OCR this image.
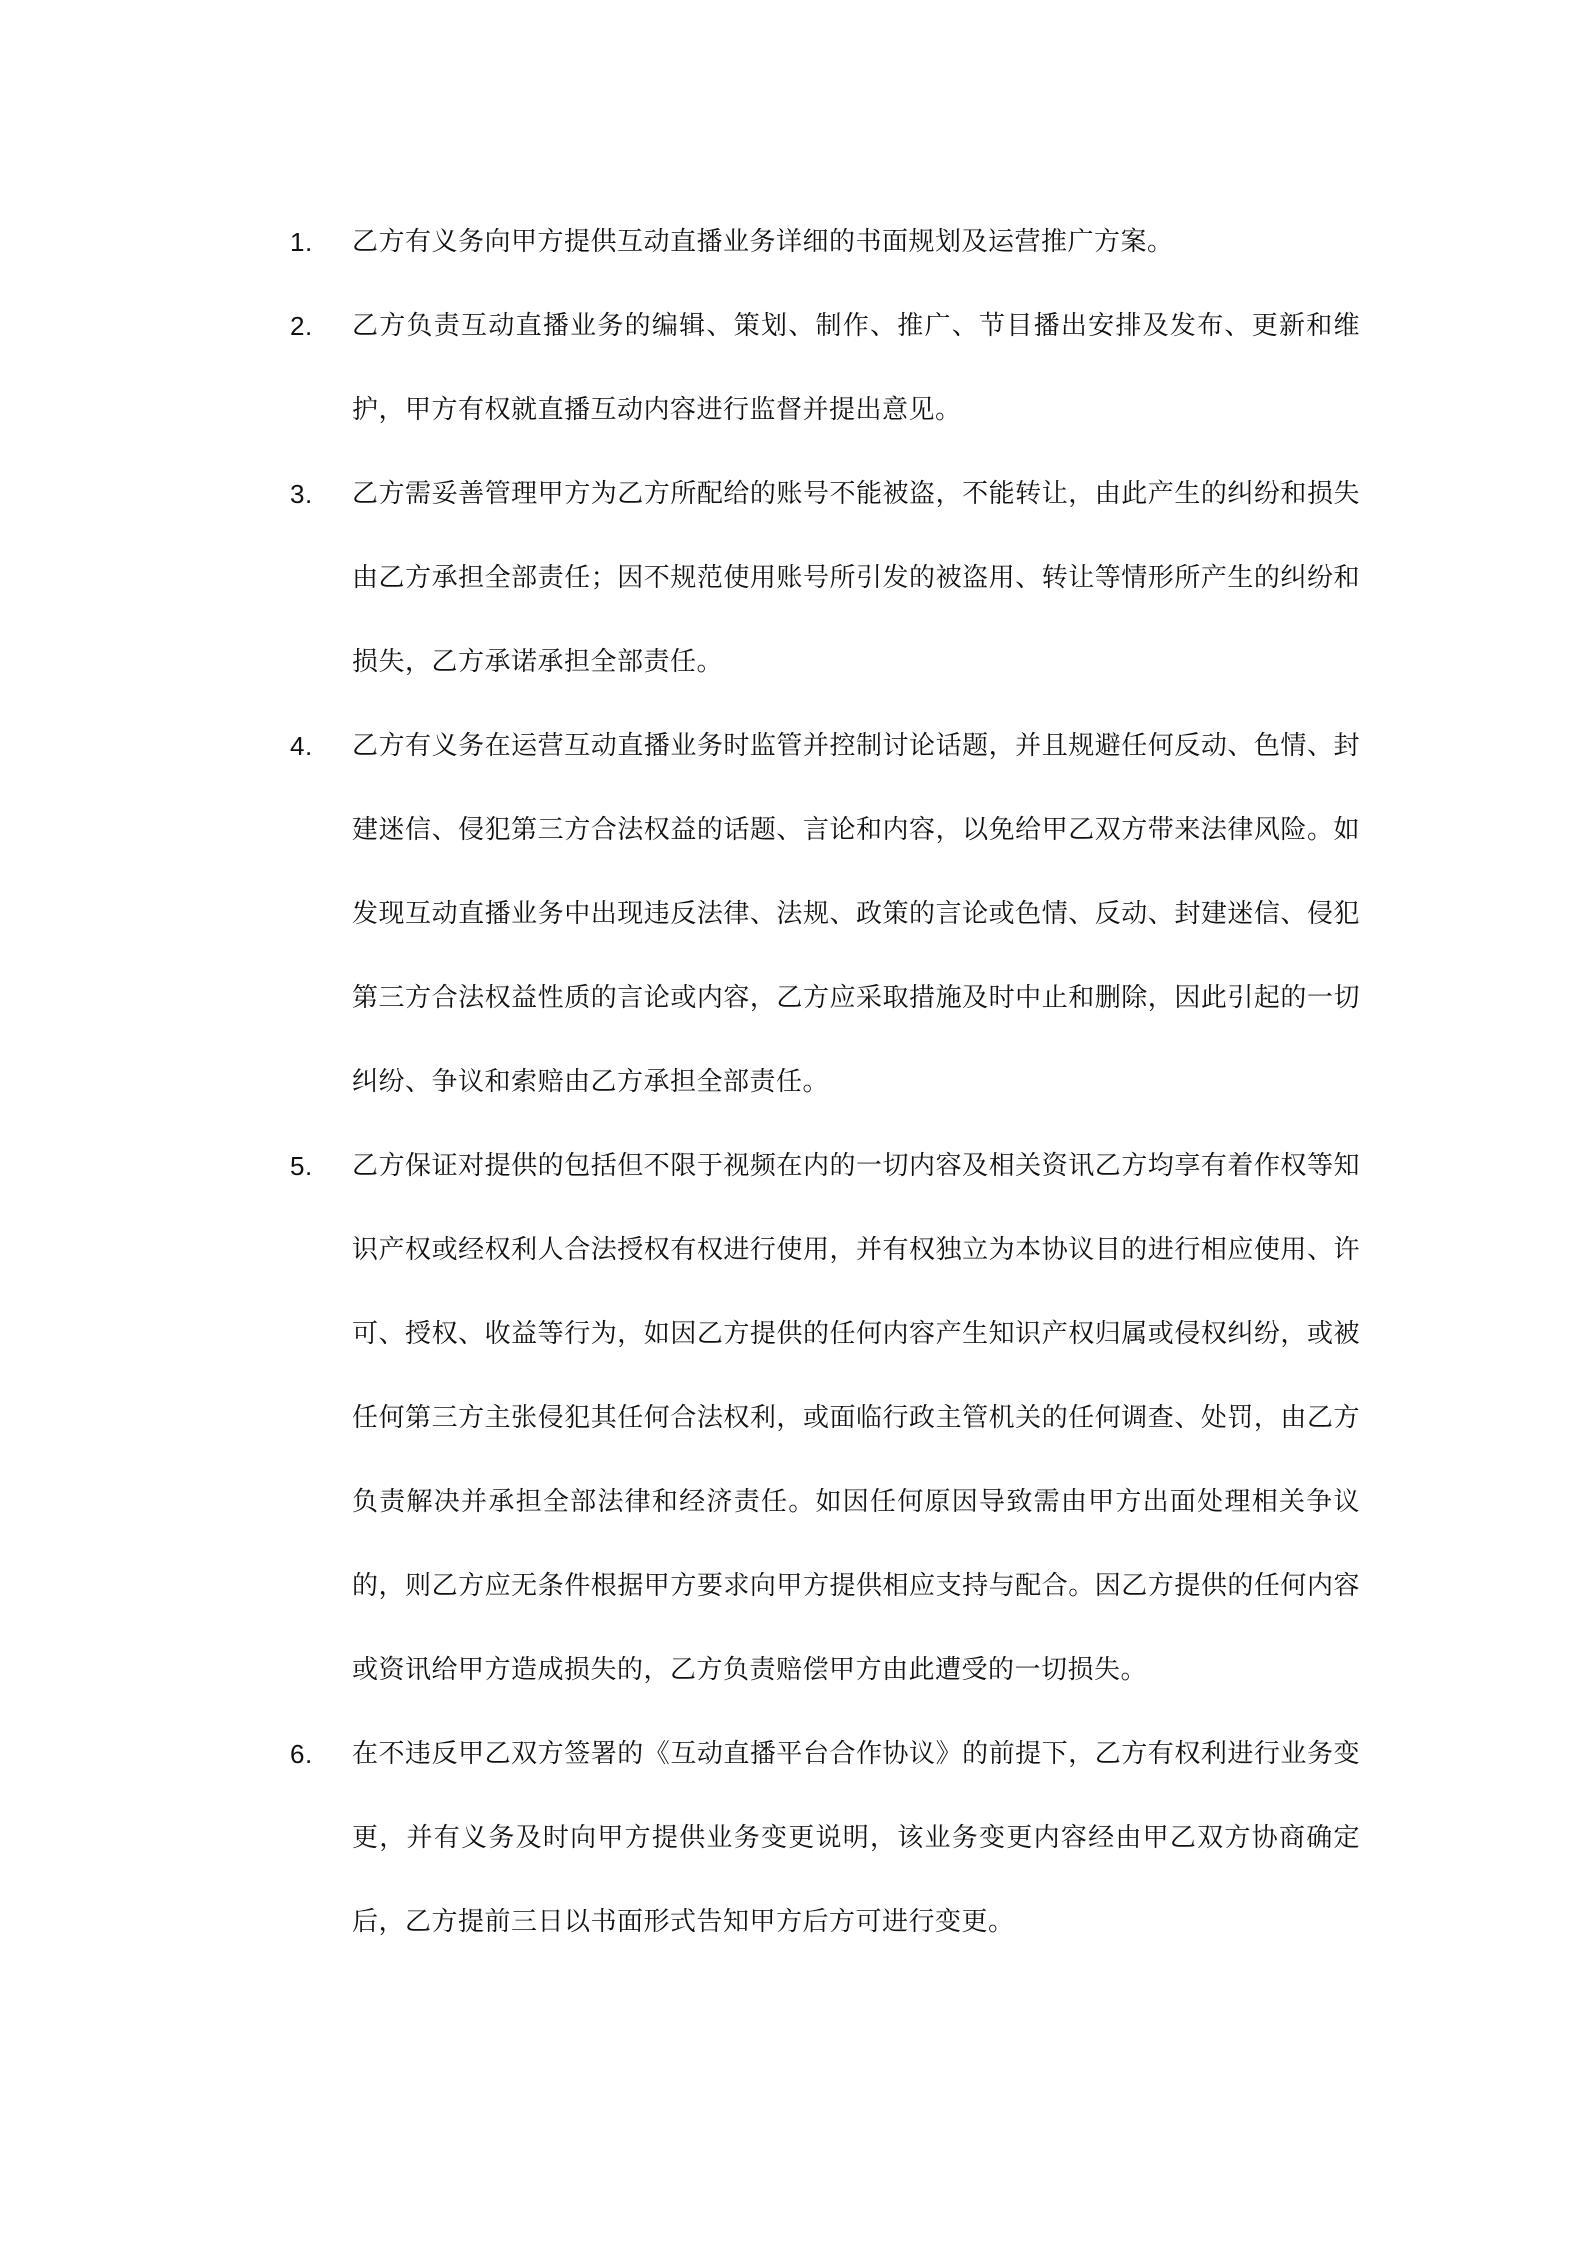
1.	乙方有义务向甲方提供互动直播业务详细的书面规划及运营推广方案。
2.	乙方负责互动直播业务的编辑、策划、制作、推广、节目播出安排及发布、更新和维护，甲方有权就直播互动内容进行监督并提出意见。
3.	乙方需妥善管理甲方为乙方所配给的账号不能被盗，不能转让，由此产生的纠纷和损失由乙方承担全部责任；因不规范使用账号所引发的被盗用、转让等情形所产生的纠纷和损失，乙方承诺承担全部责任。
4.	乙方有义务在运营互动直播业务时监管并控制讨论话题，并且规避任何反动、色情、封建迷信、侵犯第三方合法权益的话题、言论和内容，以免给甲乙双方带来法律风险。如发现互动直播业务中出现违反法律、法规、政策的言论或色情、反动、封建迷信、侵犯第三方合法权益性质的言论或内容，乙方应采取措施及时中止和删除，因此引起的一切纠纷、争议和索赔由乙方承担全部责任。
5.	乙方保证对提供的包括但不限于视频在内的一切内容及相关资讯乙方均享有着作权等知识产权或经权利人合法授权有权进行使用，并有权独立为本协议目的进行相应使用、许可、授权、收益等行为，如因乙方提供的任何内容产生知识产权归属或侵权纠纷，或被任何第三方主张侵犯其任何合法权利，或面临行政主管机关的任何调查、处罚，由乙方负责解决并承担全部法律和经济责任。如因任何原因导致需由甲方出面处理相关争议的，则乙方应无条件根据甲方要求向甲方提供相应支持与配合。因乙方提供的任何内容或资讯给甲方造成损失的，乙方负责赔偿甲方由此遭受的一切损失。
6.	在不违反甲乙双方签署的《互动直播平台合作协议》的前提下，乙方有权利进行业务变更，并有义务及时向甲方提供业务变更说明，该业务变更内容经由甲乙双方协商确定后，乙方提前三日以书面形式告知甲方后方可进行变更。
